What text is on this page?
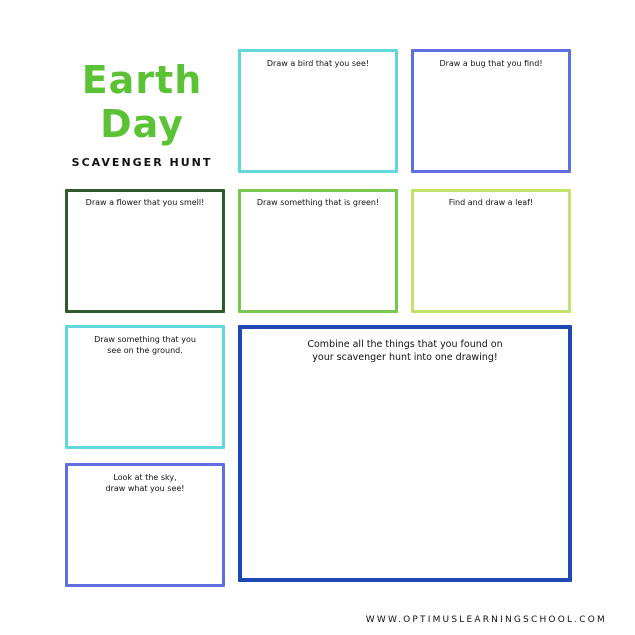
Earth
Day
SCAVENGER HUNT
Draw a bird that you see!	Draw a bug that you find!
Draw a flower that you smell!	Draw something that is green!	Find and draw a leaf!
Draw something that you
see on the ground.
Combine all the things that you found on
your scavenger hunt into one drawing!
Look at the sky,
draw what you see!
WWW.OPTIMUSLEARNINGSCHOOL.COM
